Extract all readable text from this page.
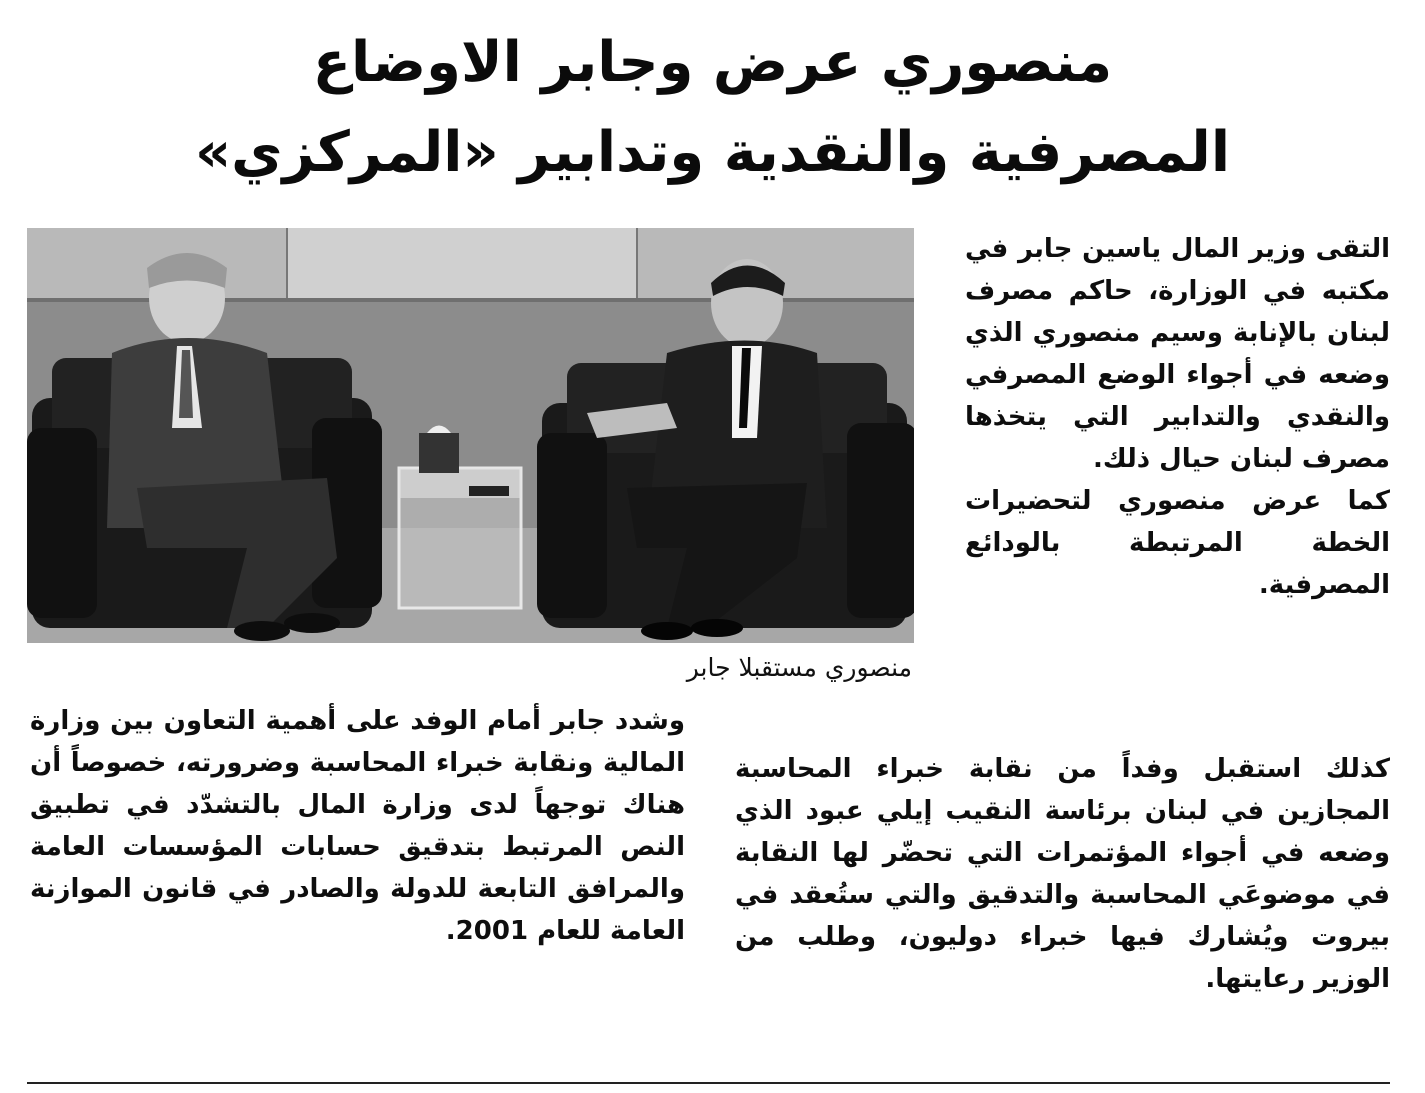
منصوري عرض وجابر الاوضاع
المصرفية والنقدية وتدابير «المركزي»
منصوري مستقبلا جابر

التقى وزير المال ياسين جابر في مكتبه في الوزارة، حاكم مصرف لبنان بالإنابة وسيم منصوري الذي وضعه في أجواء الوضع المصرفي والنقدي والتدابير التي يتخذها مصرف لبنان حيال ذلك.

كما عرض منصوري لتحضيرات الخطة المرتبطة بالودائع المصرفية.

كذلك استقبل وفداً من نقابة خبراء المحاسبة المجازين في لبنان برئاسة النقيب إيلي عبود الذي وضعه في أجواء المؤتمرات التي تحضّر لها النقابة في موضوعَي المحاسبة والتدقيق والتي ستُعقد في بيروت ويُشارك فيها خبراء دوليون، وطلب من الوزير رعايتها.

وشدد جابر أمام الوفد على أهمية التعاون بين وزارة المالية ونقابة خبراء المحاسبة وضرورته، خصوصاً أن هناك توجهاً لدى وزارة المال بالتشدّد في تطبيق النص المرتبط بتدقيق حسابات المؤسسات العامة والمرافق التابعة للدولة والصادر في قانون الموازنة العامة للعام 2001.
